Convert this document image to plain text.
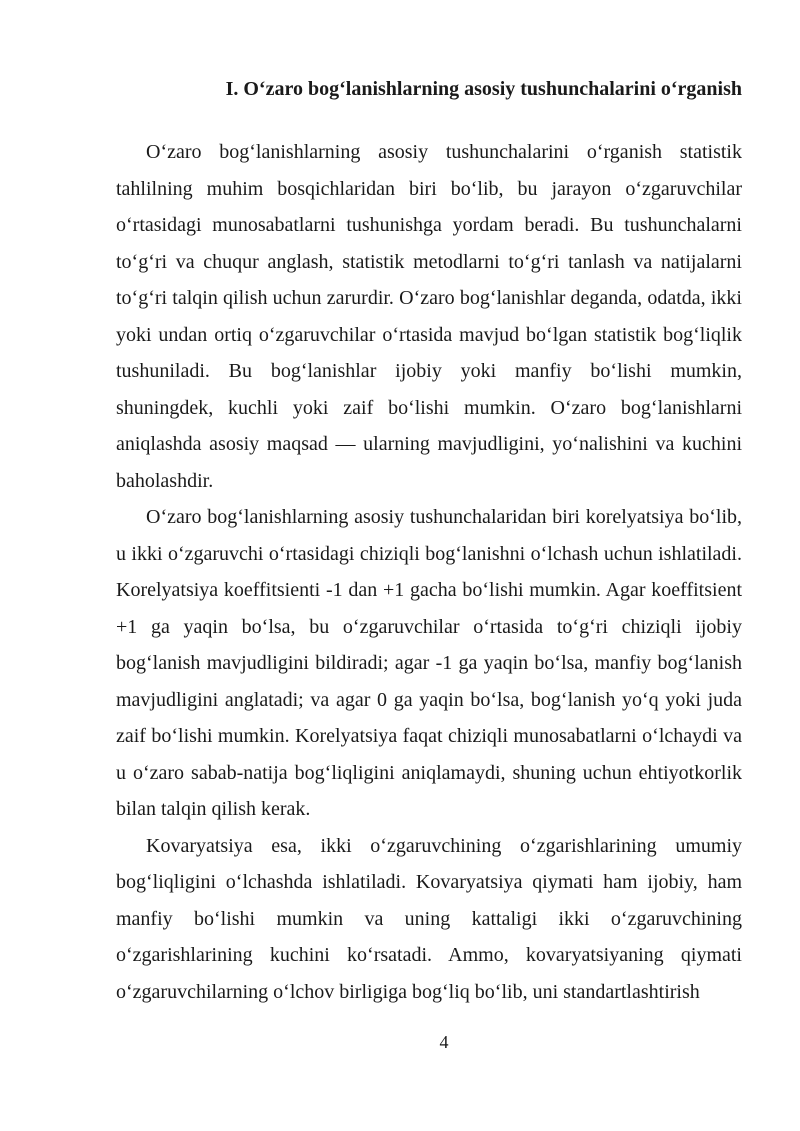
I. O‘zaro bog‘lanishlarning asosiy tushunchalarini o‘rganish

O‘zaro bog‘lanishlarning asosiy tushunchalarini o‘rganish statistik tahlilning muhim bosqichlaridan biri bo‘lib, bu jarayon o‘zgaruvchilar o‘rtasidagi munosabatlarni tushunishga yordam beradi. Bu tushunchalarni to‘g‘ri va chuqur anglash, statistik metodlarni to‘g‘ri tanlash va natijalarni to‘g‘ri talqin qilish uchun zarurdir. O‘zaro bog‘lanishlar deganda, odatda, ikki yoki undan ortiq o‘zgaruvchilar o‘rtasida mavjud bo‘lgan statistik bog‘liqlik tushuniladi. Bu bog‘lanishlar ijobiy yoki manfiy bo‘lishi mumkin, shuningdek, kuchli yoki zaif bo‘lishi mumkin. O‘zaro bog‘lanishlarni aniqlashda asosiy maqsad — ularning mavjudligini, yo‘nalishini va kuchini baholashdir.

O‘zaro bog‘lanishlarning asosiy tushunchalaridan biri korelyatsiya bo‘lib, u ikki o‘zgaruvchi o‘rtasidagi chiziqli bog‘lanishni o‘lchash uchun ishlatiladi. Korelyatsiya koeffitsienti -1 dan +1 gacha bo‘lishi mumkin. Agar koeffitsient +1 ga yaqin bo‘lsa, bu o‘zgaruvchilar o‘rtasida to‘g‘ri chiziqli ijobiy bog‘lanish mavjudligini bildiradi; agar -1 ga yaqin bo‘lsa, manfiy bog‘lanish mavjudligini anglatadi; va agar 0 ga yaqin bo‘lsa, bog‘lanish yo‘q yoki juda zaif bo‘lishi mumkin. Korelyatsiya faqat chiziqli munosabatlarni o‘lchaydi va u o‘zaro sabab-natija bog‘liqligini aniqlamaydi, shuning uchun ehtiyotkorlik bilan talqin qilish kerak.

Kovaryatsiya esa, ikki o‘zgaruvchining o‘zgarishlarining umumiy bog‘liqligini o‘lchashda ishlatiladi. Kovaryatsiya qiymati ham ijobiy, ham manfiy bo‘lishi mumkin va uning kattaligi ikki o‘zgaruvchining o‘zgarishlarining kuchini ko‘rsatadi. Ammo, kovaryatsiyaning qiymati o‘zgaruvchilarning o‘lchov birligiga bog‘liq bo‘lib, uni standartlashtirish

4
